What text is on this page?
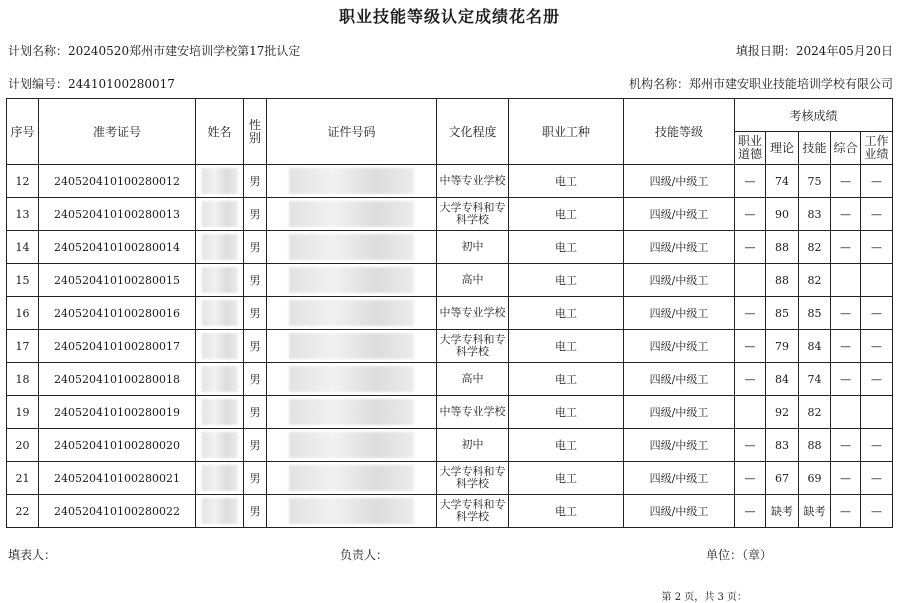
职业技能等级认定成绩花名册
计划名称：20240520郑州市建安培训学校第17批认定	填报日期：2024年05月20日
计划编号：24410100280017	机构名称：郑州市建安职业技能培训学校有限公司
序号	准考证号	姓名	性别	证件号码	文化程度	职业工种	技能等级	考核成绩				
								职业道德	理论	技能	综合	工作业绩
12	240520410100280012		男		中等专业学校	电工	四级/中级工	—	74	75	—	—
13	240520410100280013		男		大学专科和专科学校	电工	四级/中级工	—	90	83	—	—
14	240520410100280014		男		初中	电工	四级/中级工	—	88	82	—	—
15	240520410100280015		男		高中	电工	四级/中级工		88	82		
16	240520410100280016		男		中等专业学校	电工	四级/中级工	—	85	85	—	—
17	240520410100280017		男		大学专科和专科学校	电工	四级/中级工	—	79	84	—	—
18	240520410100280018		男		高中	电工	四级/中级工	—	84	74	—	—
19	240520410100280019		男		中等专业学校	电工	四级/中级工		92	82		
20	240520410100280020		男		初中	电工	四级/中级工	—	83	88	—	—
21	240520410100280021		男		大学专科和专科学校	电工	四级/中级工	—	67	69	—	—
22	240520410100280022		男		大学专科和专科学校	电工	四级/中级工	—	缺考	缺考	—	—
填表人：	负责人：	单位：（章）
第 2 页，共 3 页：
